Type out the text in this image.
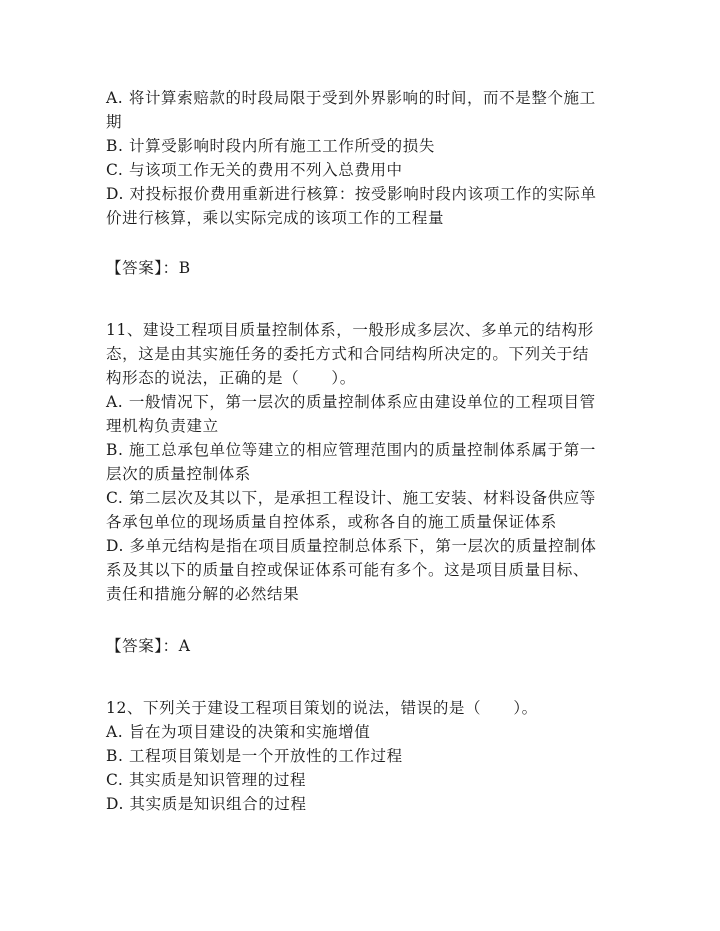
A. 将计算索赔款的时段局限于受到外界影响的时间，而不是整个施工
期
B. 计算受影响时段内所有施工工作所受的损失
C. 与该项工作无关的费用不列入总费用中
D. 对投标报价费用重新进行核算：按受影响时段内该项工作的实际单
价进行核算，乘以实际完成的该项工作的工程量
【答案】：B
11、建设工程项目质量控制体系，一般形成多层次、多单元的结构形
态，这是由其实施任务的委托方式和合同结构所决定的。下列关于结
构形态的说法，正确的是（　　）。
A. 一般情况下，第一层次的质量控制体系应由建设单位的工程项目管
理机构负责建立
B. 施工总承包单位等建立的相应管理范围内的质量控制体系属于第一
层次的质量控制体系
C. 第二层次及其以下，是承担工程设计、施工安装、材料设备供应等
各承包单位的现场质量自控体系，或称各自的施工质量保证体系
D. 多单元结构是指在项目质量控制总体系下，第一层次的质量控制体
系及其以下的质量自控或保证体系可能有多个。这是项目质量目标、
责任和措施分解的必然结果
【答案】：A
12、下列关于建设工程项目策划的说法，错误的是（　　）。
A. 旨在为项目建设的决策和实施增值
B. 工程项目策划是一个开放性的工作过程
C. 其实质是知识管理的过程
D. 其实质是知识组合的过程
